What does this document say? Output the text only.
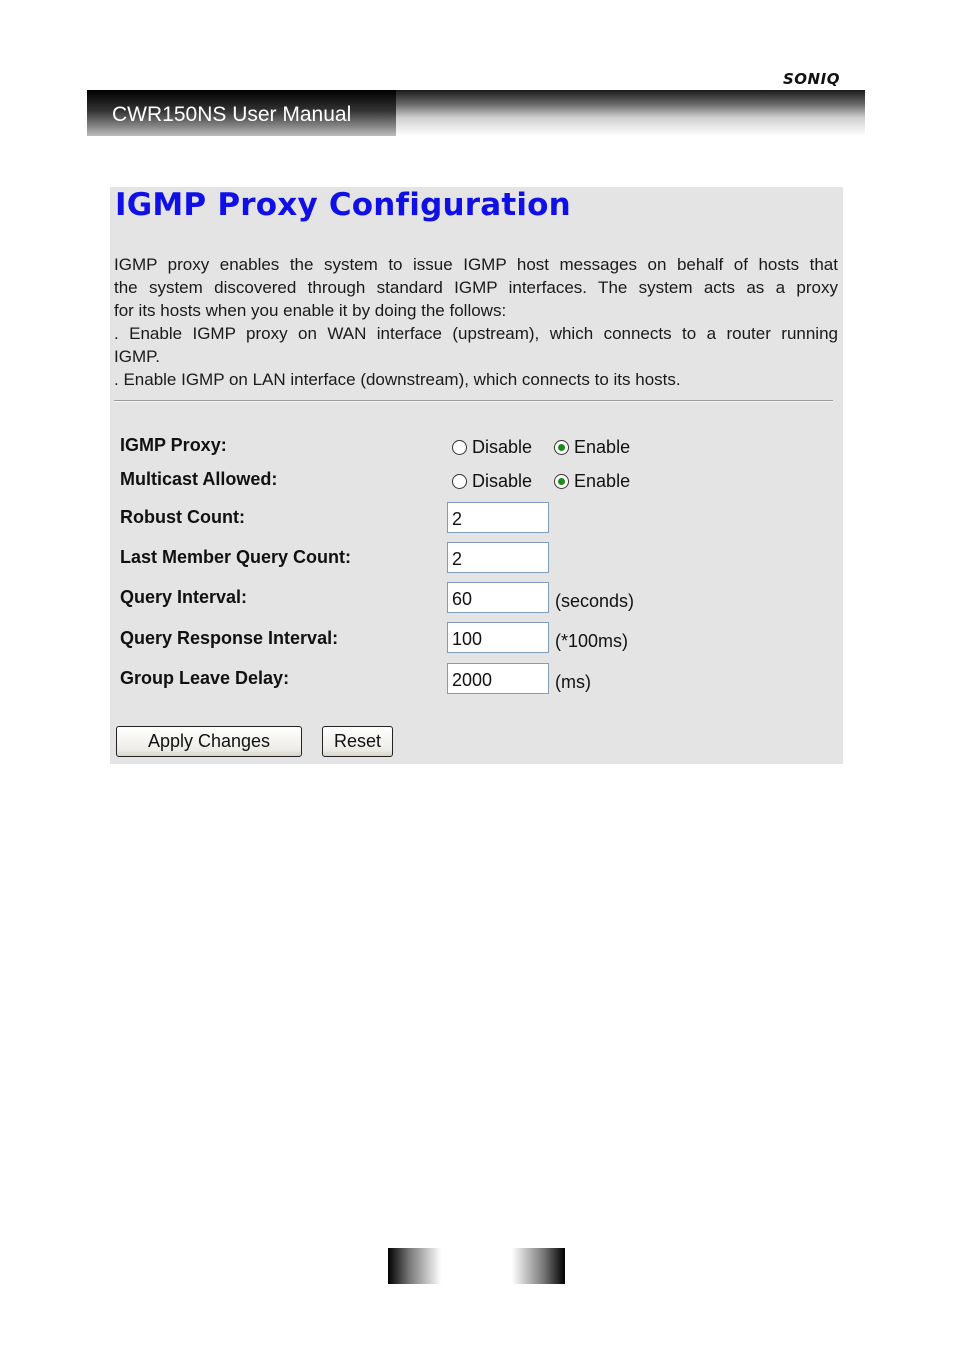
SONIQ
CWR150NS User Manual
IGMP Proxy Configuration

IGMP proxy enables the system to issue IGMP host messages on behalf of hosts that
the system discovered through standard IGMP interfaces. The system acts as a proxy
for its hosts when you enable it by doing the follows:
. Enable IGMP proxy on WAN interface (upstream), which connects to a router running
IGMP.
. Enable IGMP on LAN interface (downstream), which connects to its hosts.

IGMP Proxy:	Disable Enable
Multicast Allowed:	Disable Enable
Robust Count:
2
Last Member Query Count:
2
Query Interval:
60	(seconds)
Query Response Interval:
100	(*100ms)
Group Leave Delay:
2000	(ms)
Apply Changes	Reset
